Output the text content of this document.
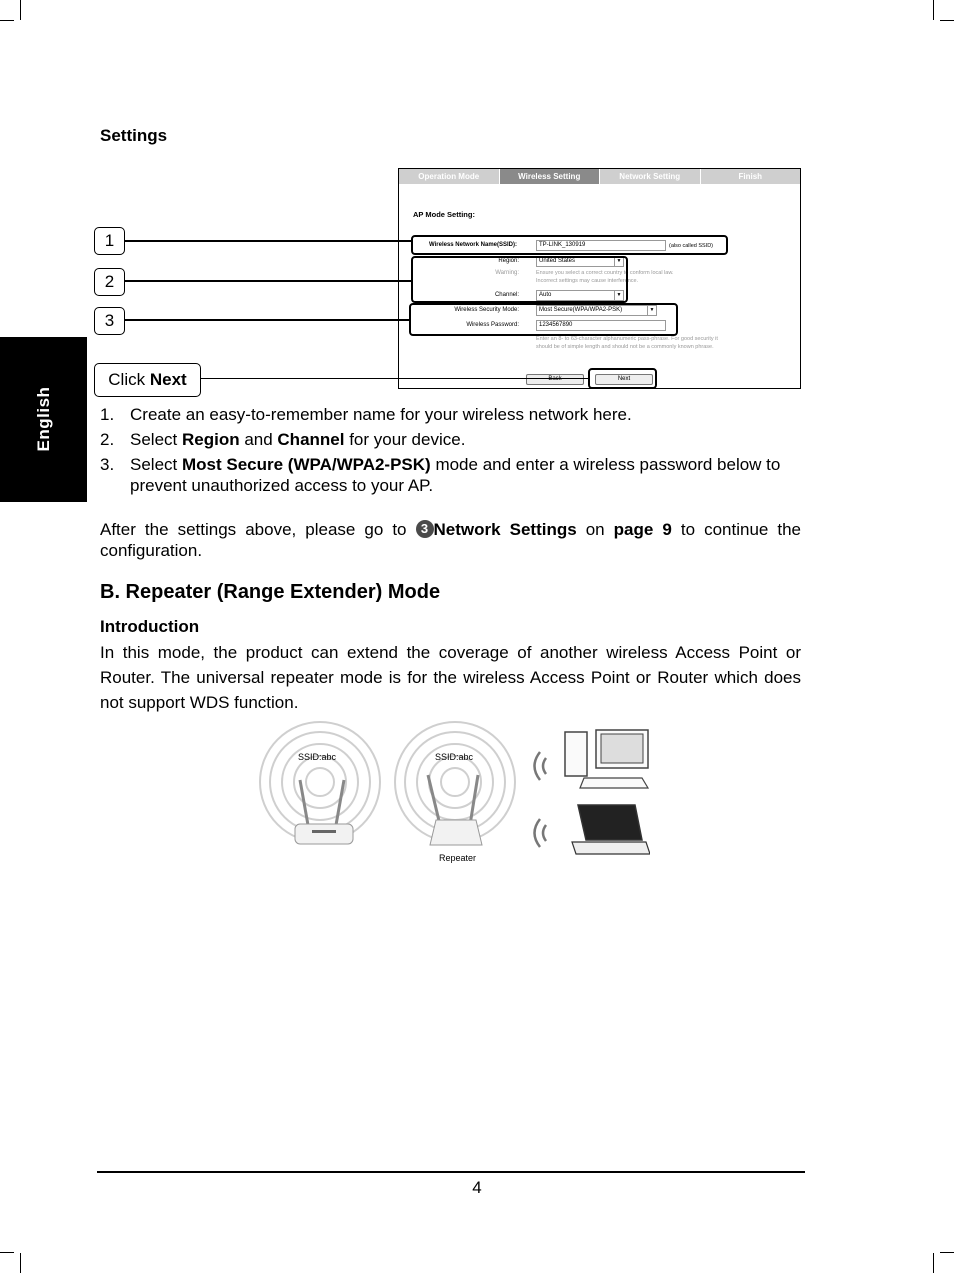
English
Settings
Operation Mode	Wireless Setting	Network Setting	Finish
AP Mode Setting:
Wireless Network Name(SSID):	TP-LINK_130919	(also called SSID)
Region:	United States	▼
Warning:	Ensure you select a correct country to conform local law.
Incorrect settings may cause interference.
Channel:	Auto	▼
Wireless Security Mode:	Most Secure(WPA/WPA2-PSK)	▼
Wireless Password:	1234567890
Enter an 8- to 63-character alphanumeric pass-phrase. For good security it
should be of simple length and should not be a commonly known phrase.
Back	Next
1
2
3
Click Next
1. Create an easy-to-remember name for your wireless network here.
2. Select Region and Channel for your device.
3. Select Most Secure (WPA/WPA2-PSK) mode and enter a wireless password below to prevent unauthorized access to your AP.

After the settings above, please go to 3 Network Settings on page 9 to continue the configuration.

B. Repeater (Range Extender) Mode
Introduction

In this mode, the product can extend the coverage of another wireless Access Point or Router. The universal repeater mode is for the wireless Access Point or Router which does not support WDS function.

SSID:abc	SSID:abc
Repeater
4
